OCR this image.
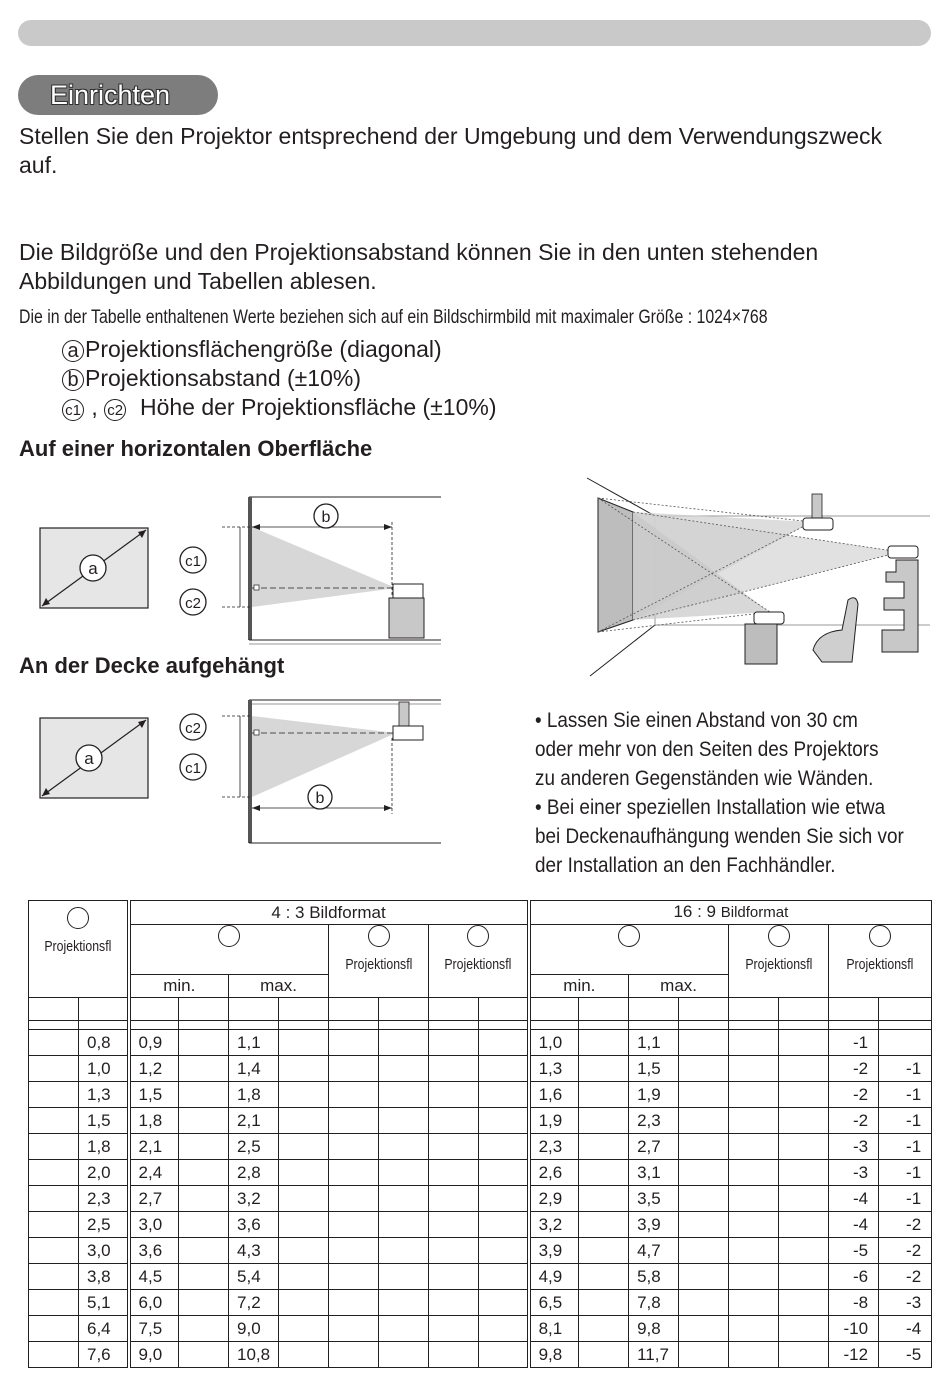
Einrichten
Stellen Sie den Projektor entsprechend der Umgebung und dem Verwendungszweck auf.
Die Bildgröße und den Projektionsabstand können Sie in den unten stehenden Abbildungen und Tabellen ablesen.
Die in der Tabelle enthaltenen Werte beziehen sich auf ein Bildschirmbild mit maximaler Größe : 1024×768
a Projektionsflächengröße (diagonal)
b Projektionsabstand (±10%)
c1 , c2 Höhe der Projektionsfläche (±10%)
Auf einer horizontalen Oberfläche
An der Decke aufgehängt
a
b
c1
c2
a
c2
c1
b
• Lassen Sie einen Abstand von 30 cm
oder mehr von den Seiten des Projektors
zu anderen Gegenständen wie Wänden.
• Bei einer speziellen Installation wie etwa
bei Deckenaufhängung wenden Sie sich vor
der Installation an den Fachhändler.

Projektionsfl		4 : 3 Bildformat								16 : 9 Bildformat							

Projektionsfl		Projektionsfl						Projektionsfl		Projektionsfl	
		min.		max.						min.		max.					

	0,8	0,9		1,1						1,0		1,1				-1	
	1,0	1,2		1,4						1,3		1,5				-2	-1
	1,3	1,5		1,8						1,6		1,9				-2	-1
	1,5	1,8		2,1						1,9		2,3				-2	-1
	1,8	2,1		2,5						2,3		2,7				-3	-1
	2,0	2,4		2,8						2,6		3,1				-3	-1
	2,3	2,7		3,2						2,9		3,5				-4	-1
	2,5	3,0		3,6						3,2		3,9				-4	-2
	3,0	3,6		4,3						3,9		4,7				-5	-2
	3,8	4,5		5,4						4,9		5,8				-6	-2
	5,1	6,0		7,2						6,5		7,8				-8	-3
	6,4	7,5		9,0						8,1		9,8				-10	-4
	7,6	9,0		10,8						9,8		11,7				-12	-5
